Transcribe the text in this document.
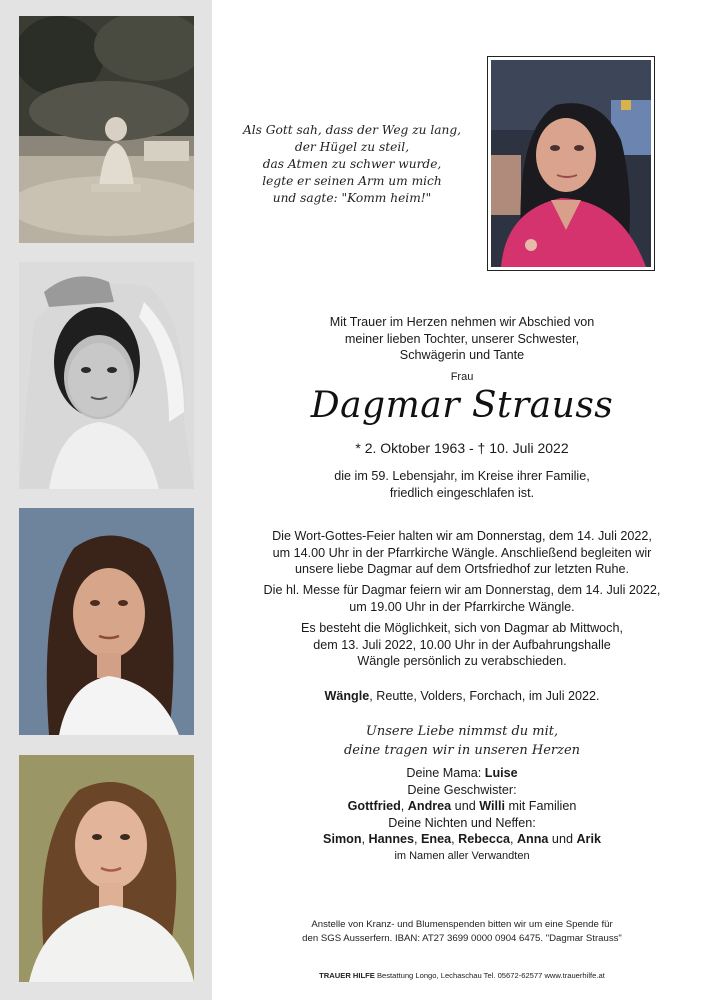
Als Gott sah, dass der Weg zu lang,
der Hügel zu steil,
das Atmen zu schwer wurde,
legte er seinen Arm um mich
und sagte: "Komm heim!"
Mit Trauer im Herzen nehmen wir Abschied von
meiner lieben Tochter, unserer Schwester,
Schwägerin und Tante
Frau
Dagmar Strauss
* 2. Oktober 1963 - † 10. Juli 2022
die im 59. Lebensjahr, im Kreise ihrer Familie,
friedlich eingeschlafen ist.
Die Wort-Gottes-Feier halten wir am Donnerstag, dem 14. Juli 2022,
um 14.00 Uhr in der Pfarrkirche Wängle. Anschließend begleiten wir
unsere liebe Dagmar auf dem Ortsfriedhof zur letzten Ruhe.
Die hl. Messe für Dagmar feiern wir am Donnerstag, dem 14. Juli 2022,
um 19.00 Uhr in der Pfarrkirche Wängle.
Es besteht die Möglichkeit, sich von Dagmar ab Mittwoch,
dem 13. Juli 2022, 10.00 Uhr in der Aufbahrungshalle
Wängle persönlich zu verabschieden.
Wängle, Reutte, Volders, Forchach, im Juli 2022.
Unsere Liebe nimmst du mit,
deine tragen wir in unseren Herzen
Deine Mama: Luise
Deine Geschwister:
Gottfried, Andrea und Willi mit Familien
Deine Nichten und Neffen:
Simon, Hannes, Enea, Rebecca, Anna und Arik
im Namen aller Verwandten
Anstelle von Kranz- und Blumenspenden bitten wir um eine Spende für
den SGS Ausserfern. IBAN: AT27 3699 0000 0904 6475. "Dagmar Strauss"
TRAUER HILFE Bestattung Longo, Lechaschau Tel. 05672-62577 www.trauerhilfe.at
